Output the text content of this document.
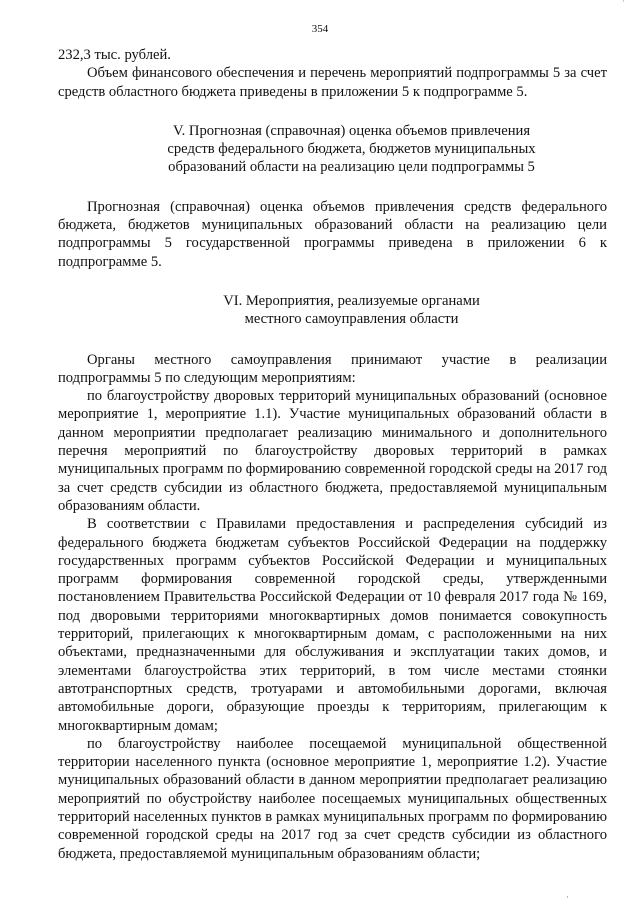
˙
354

232,3 тыс. рублей.

Объем финансового обеспечения и перечень мероприятий подпрограммы 5 за счет средств областного бюджета приведены в приложении 5 к подпрограмме 5.

V. Прогнозная (справочная) оценка объемов привлечения
средств федерального бюджета, бюджетов муниципальных
образований области на реализацию цели подпрограммы 5

Прогнозная (справочная) оценка объемов привлечения средств федерального бюджета, бюджетов муниципальных образований области на реализацию цели подпрограммы 5 государственной программы приведена в приложении 6 к подпрограмме 5.

VI. Мероприятия, реализуемые органами
местного самоуправления области

Органы местного самоуправления принимают участие в реализации подпрограммы 5 по следующим мероприятиям:

по благоустройству дворовых территорий муниципальных образований (основное мероприятие 1, мероприятие 1.1). Участие муниципальных образований области в данном мероприятии предполагает реализацию минимального и дополнительного перечня мероприятий по благоустройству дворовых территорий в рамках муниципальных программ по формированию современной городской среды на 2017 год за счет средств субсидии из областного бюджета, предоставляемой муниципальным образованиям области.

В соответствии с Правилами предоставления и распределения субсидий из федерального бюджета бюджетам субъектов Российской Федерации на поддержку государственных программ субъектов Российской Федерации и муниципальных программ формирования современной городской среды, утвержденными постановлением Правительства Российской Федерации от 10 февраля 2017 года № 169, под дворовыми территориями многоквартирных домов понимается совокупность территорий, прилегающих к многоквартирным домам, с расположенными на них объектами, предназначенными для обслуживания и эксплуатации таких домов, и элементами благоустройства этих территорий, в том числе местами стоянки автотранспортных средств, тротуарами и автомобильными дорогами, включая автомобильные дороги, образующие проезды к территориям, прилегающим к многоквартирным домам;

по благоустройству наиболее посещаемой муниципальной общественной территории населенного пункта (основное мероприятие 1, мероприятие 1.2). Участие муниципальных образований области в данном мероприятии предполагает реализацию мероприятий по обустройству наиболее посещаемых муниципальных общественных территорий населенных пунктов в рамках муниципальных программ по формированию современной городской среды на 2017 год за счет средств субсидии из областного бюджета, предоставляемой муниципальным образованиям области;

·
